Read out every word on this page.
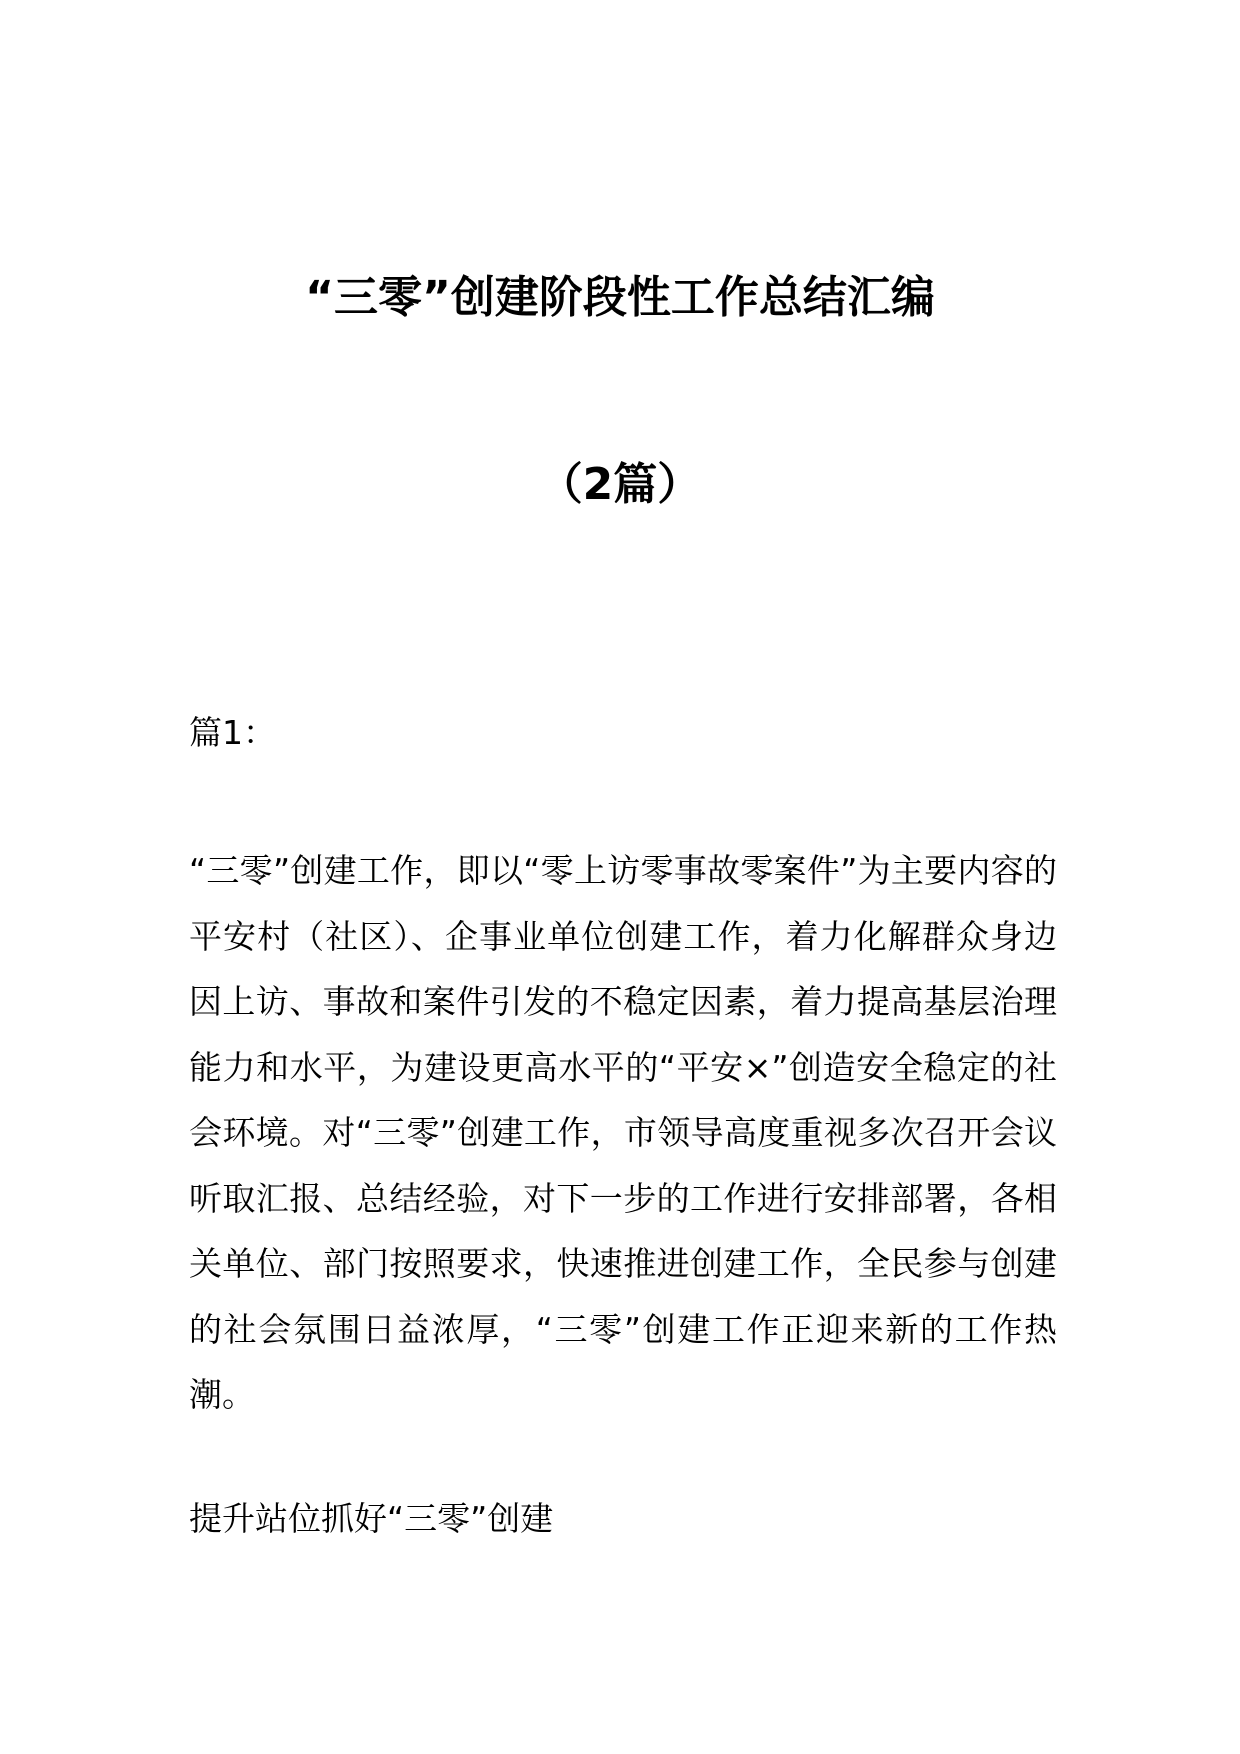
“三零”创建阶段性工作总结汇编
（2篇）
篇1：
“三零”创建工作，即以“零上访零事故零案件”为主要内容的平安村（社区）、企事业单位创建工作，着力化解群众身边因上访、事故和案件引发的不稳定因素，着力提高基层治理能力和水平，为建设更高水平的“平安×”创造安全稳定的社会环境。对“三零”创建工作，市领导高度重视多次召开会议听取汇报、总结经验，对下一步的工作进行安排部署，各相关单位、部门按照要求，快速推进创建工作，全民参与创建的社会氛围日益浓厚，“三零”创建工作正迎来新的工作热潮。
提升站位抓好“三零”创建
